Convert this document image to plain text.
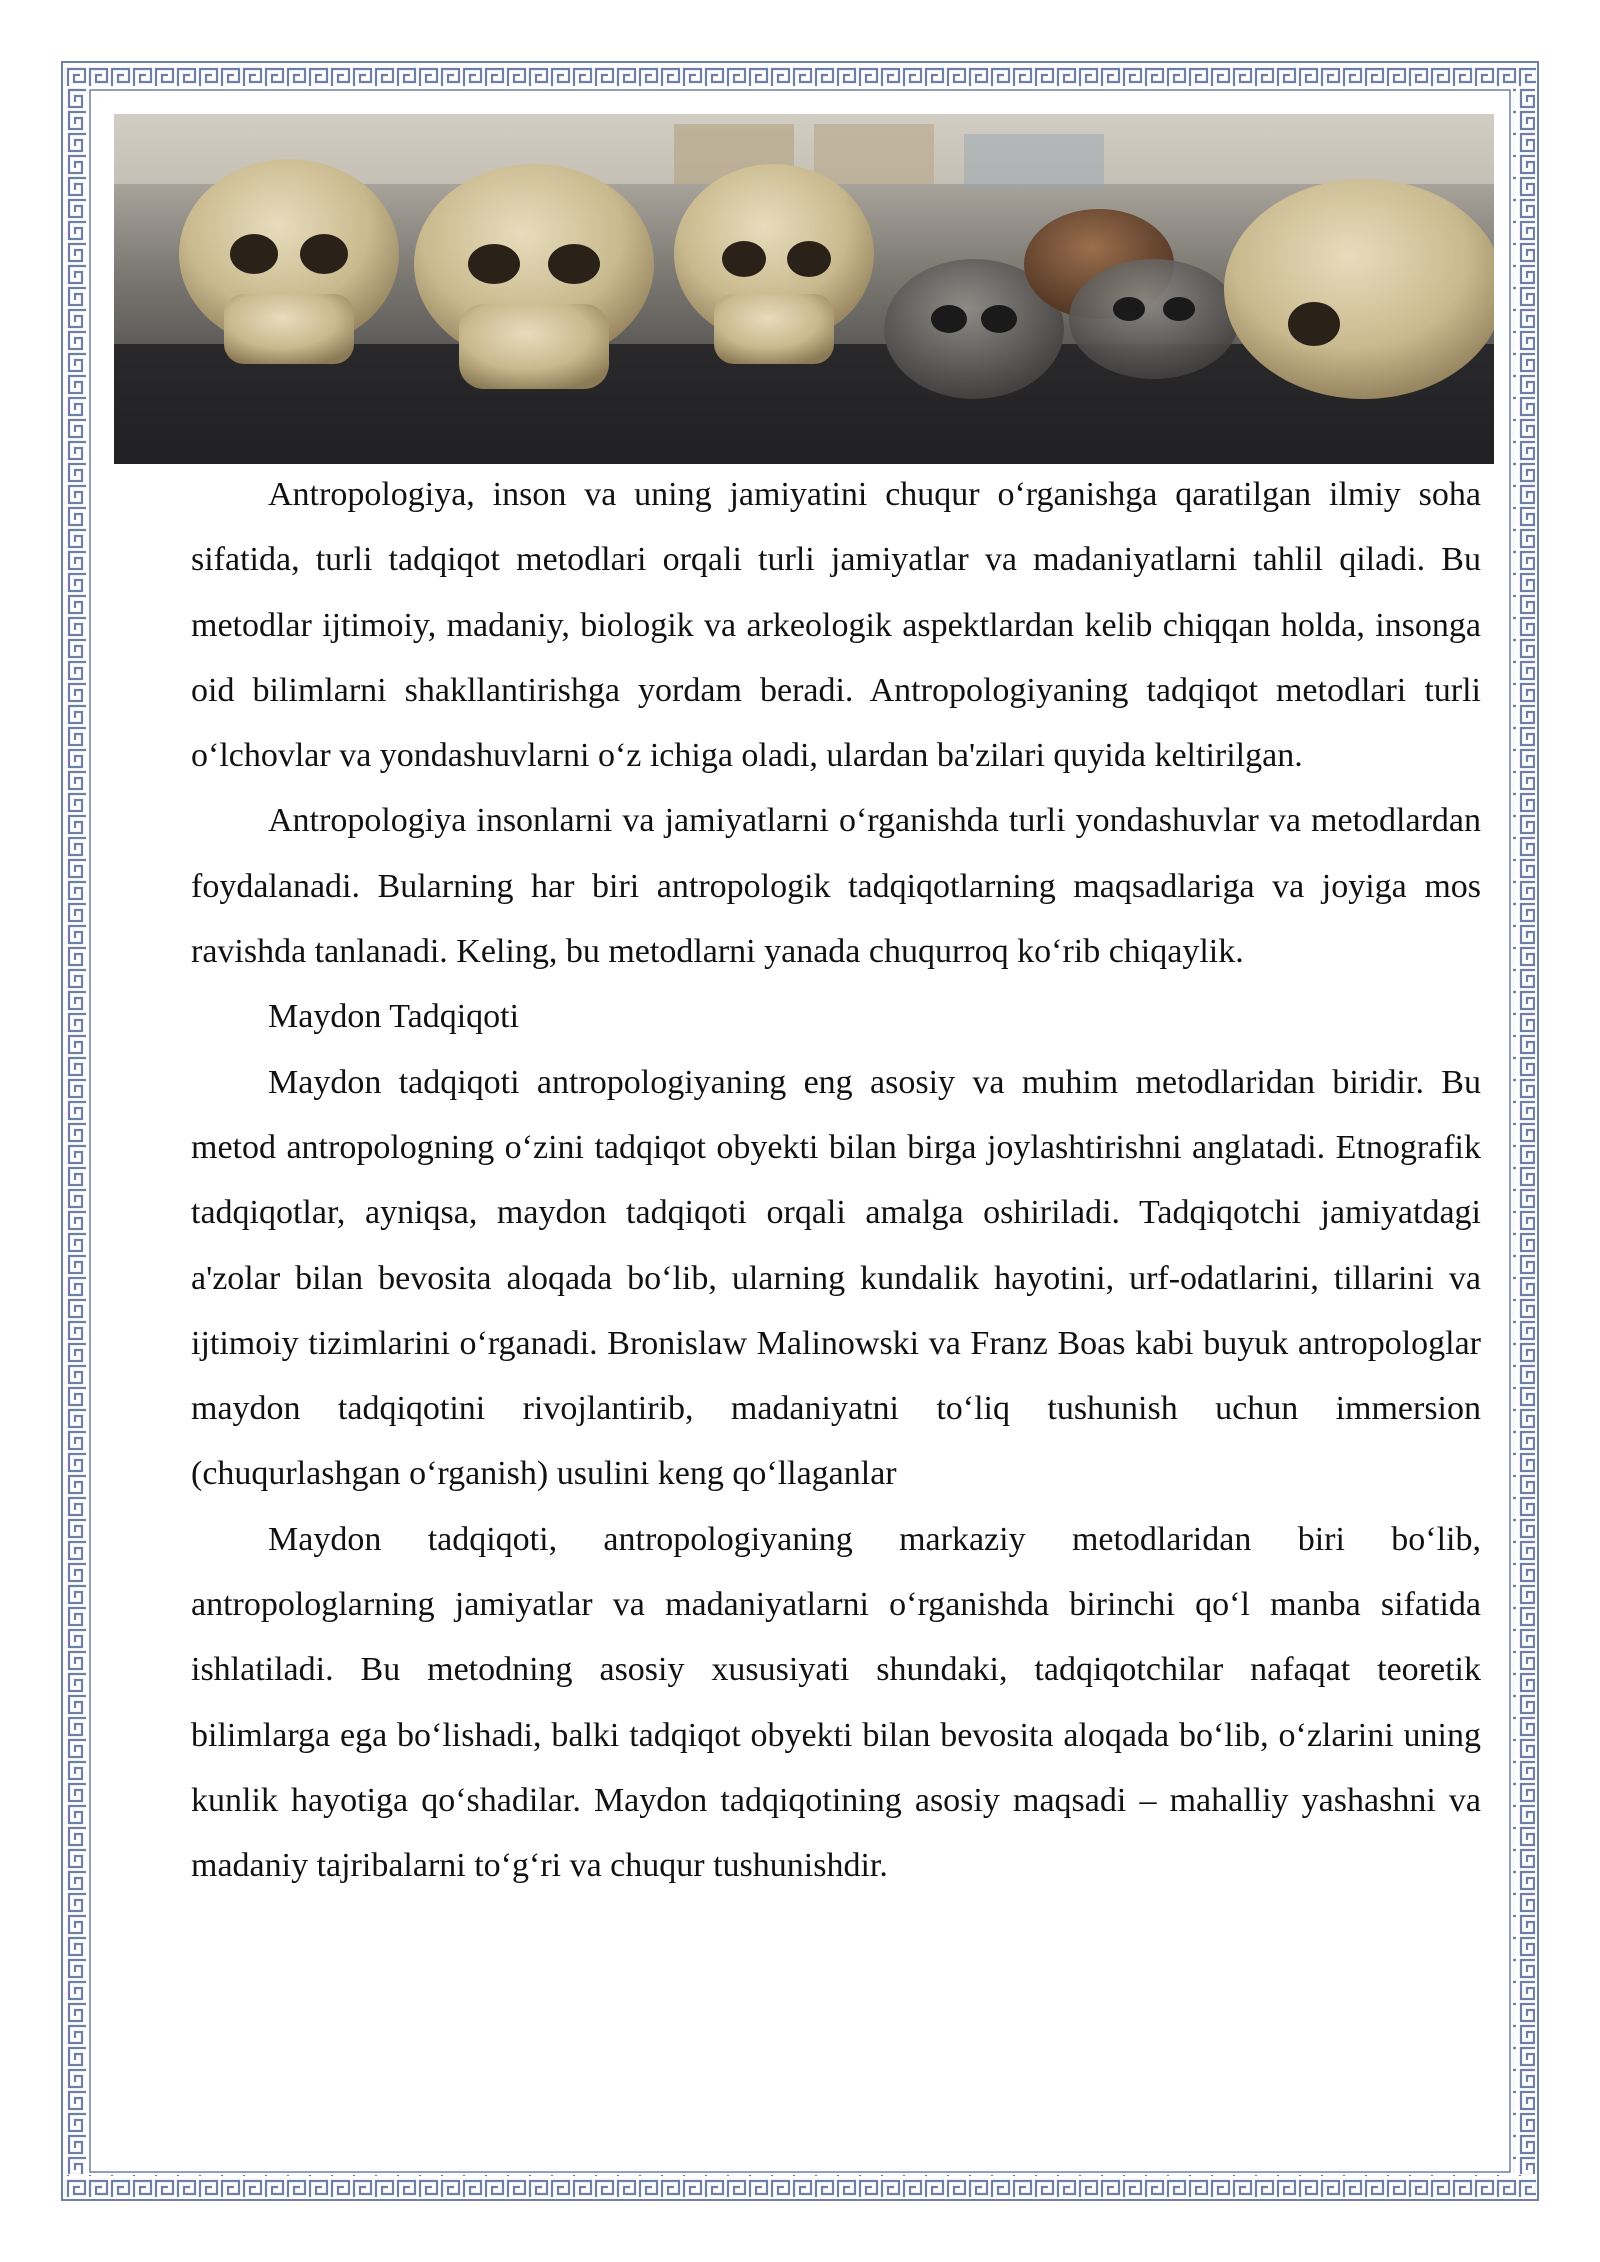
Antropologiya, inson va uning jamiyatini chuqur o‘rganishga qaratilgan ilmiy soha sifatida, turli tadqiqot metodlari orqali turli jamiyatlar va madaniyatlarni tahlil qiladi. Bu metodlar ijtimoiy, madaniy, biologik va arkeologik aspektlardan kelib chiqqan holda, insonga oid bilimlarni shakllantirishga yordam beradi. Antropologiyaning tadqiqot metodlari turli o‘lchovlar va yondashuvlarni o‘z ichiga oladi, ulardan ba'zilari quyida keltirilgan.

Antropologiya insonlarni va jamiyatlarni o‘rganishda turli yondashuvlar va metodlardan foydalanadi. Bularning har biri antropologik tadqiqotlarning maqsadlariga va joyiga mos ravishda tanlanadi. Keling, bu metodlarni yanada chuqurroq ko‘rib chiqaylik.

Maydon Tadqiqoti

Maydon tadqiqoti antropologiyaning eng asosiy va muhim metodlaridan biridir. Bu metod antropologning o‘zini tadqiqot obyekti bilan birga joylashtirishni anglatadi. Etnografik tadqiqotlar, ayniqsa, maydon tadqiqoti orqali amalga oshiriladi. Tadqiqotchi jamiyatdagi a'zolar bilan bevosita aloqada bo‘lib, ularning kundalik hayotini, urf-odatlarini, tillarini va ijtimoiy tizimlarini o‘rganadi. Bronislaw Malinowski va Franz Boas kabi buyuk antropologlar maydon tadqiqotini rivojlantirib, madaniyatni to‘liq tushunish uchun immersion (chuqurlashgan o‘rganish) usulini keng qo‘llaganlar

Maydon tadqiqoti, antropologiyaning markaziy metodlaridan biri bo‘lib, antropologlarning jamiyatlar va madaniyatlarni o‘rganishda birinchi qo‘l manba sifatida ishlatiladi. Bu metodning asosiy xususiyati shundaki, tadqiqotchilar nafaqat teoretik bilimlarga ega bo‘lishadi, balki tadqiqot obyekti bilan bevosita aloqada bo‘lib, o‘zlarini uning kunlik hayotiga qo‘shadilar. Maydon tadqiqotining asosiy maqsadi – mahalliy yashashni va madaniy tajribalarni to‘g‘ri va chuqur tushunishdir.
